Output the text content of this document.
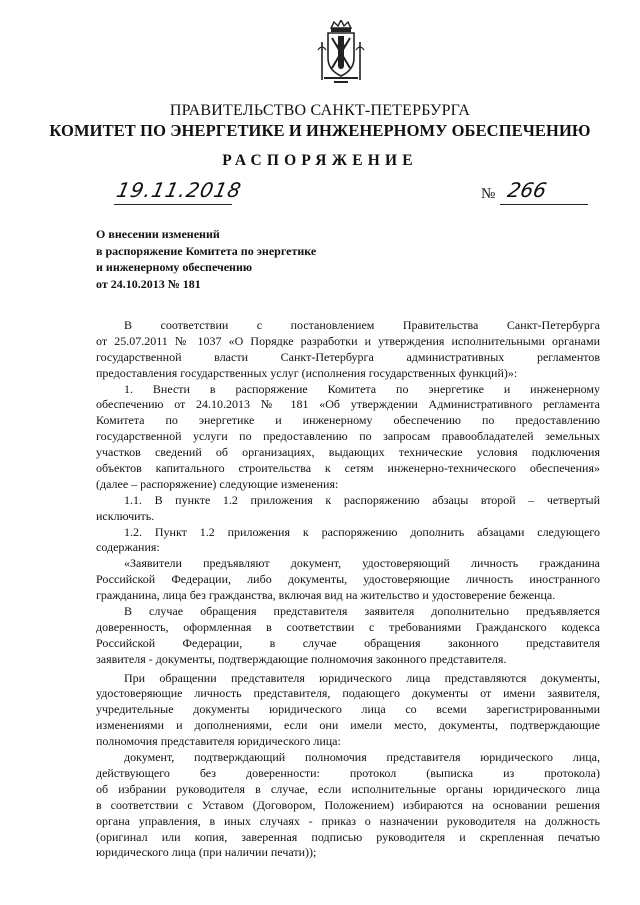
ПРАВИТЕЛЬСТВО САНКТ-ПЕТЕРБУРГА
КОМИТЕТ ПО ЭНЕРГЕТИКЕ И ИНЖЕНЕРНОМУ ОБЕСПЕЧЕНИЮ
РАСПОРЯЖЕНИЕ
19.11.2018	№ 266
О внесении изменений
в распоряжение Комитета по энергетике
и инженерному обеспечению
от 24.10.2013 № 181
В соответствии с постановлением Правительства Санкт-Петербурга
от 25.07.2011 № 1037 «О Порядке разработки и утверждения исполнительными органами
государственной власти Санкт-Петербурга административных регламентов
предоставления государственных услуг (исполнения государственных функций)»:
1. Внести в распоряжение Комитета по энергетике и инженерному
обеспечению от 24.10.2013 № 181 «Об утверждении Административного регламента
Комитета по энергетике и инженерному обеспечению по предоставлению
государственной услуги по предоставлению по запросам правообладателей земельных
участков сведений об организациях, выдающих технические условия подключения
объектов капитального строительства к сетям инженерно-технического обеспечения»
(далее – распоряжение) следующие изменения:
1.1. В пункте 1.2 приложения к распоряжению абзацы второй – четвертый
исключить.
1.2. Пункт 1.2 приложения к распоряжению дополнить абзацами следующего
содержания:
«Заявители предъявляют документ, удостоверяющий личность гражданина
Российской Федерации, либо документы, удостоверяющие личность иностранного
гражданина, лица без гражданства, включая вид на жительство и удостоверение беженца.
В случае обращения представителя заявителя дополнительно предъявляется
доверенность, оформленная в соответствии с требованиями Гражданского кодекса
Российской Федерации, в случае обращения законного представителя
заявителя - документы, подтверждающие полномочия законного представителя.
При обращении представителя юридического лица представляются документы,
удостоверяющие личность представителя, подающего документы от имени заявителя,
учредительные документы юридического лица со всеми зарегистрированными
изменениями и дополнениями, если они имели место, документы, подтверждающие
полномочия представителя юридического лица:
документ, подтверждающий полномочия представителя юридического лица,
действующего без доверенности: протокол (выписка из протокола)
об избрании руководителя в случае, если исполнительные органы юридического лица
в соответствии с Уставом (Договором, Положением) избираются на основании решения
органа управления, в иных случаях - приказ о назначении руководителя на должность
(оригинал или копия, заверенная подписью руководителя и скрепленная печатью
юридического лица (при наличии печати));
